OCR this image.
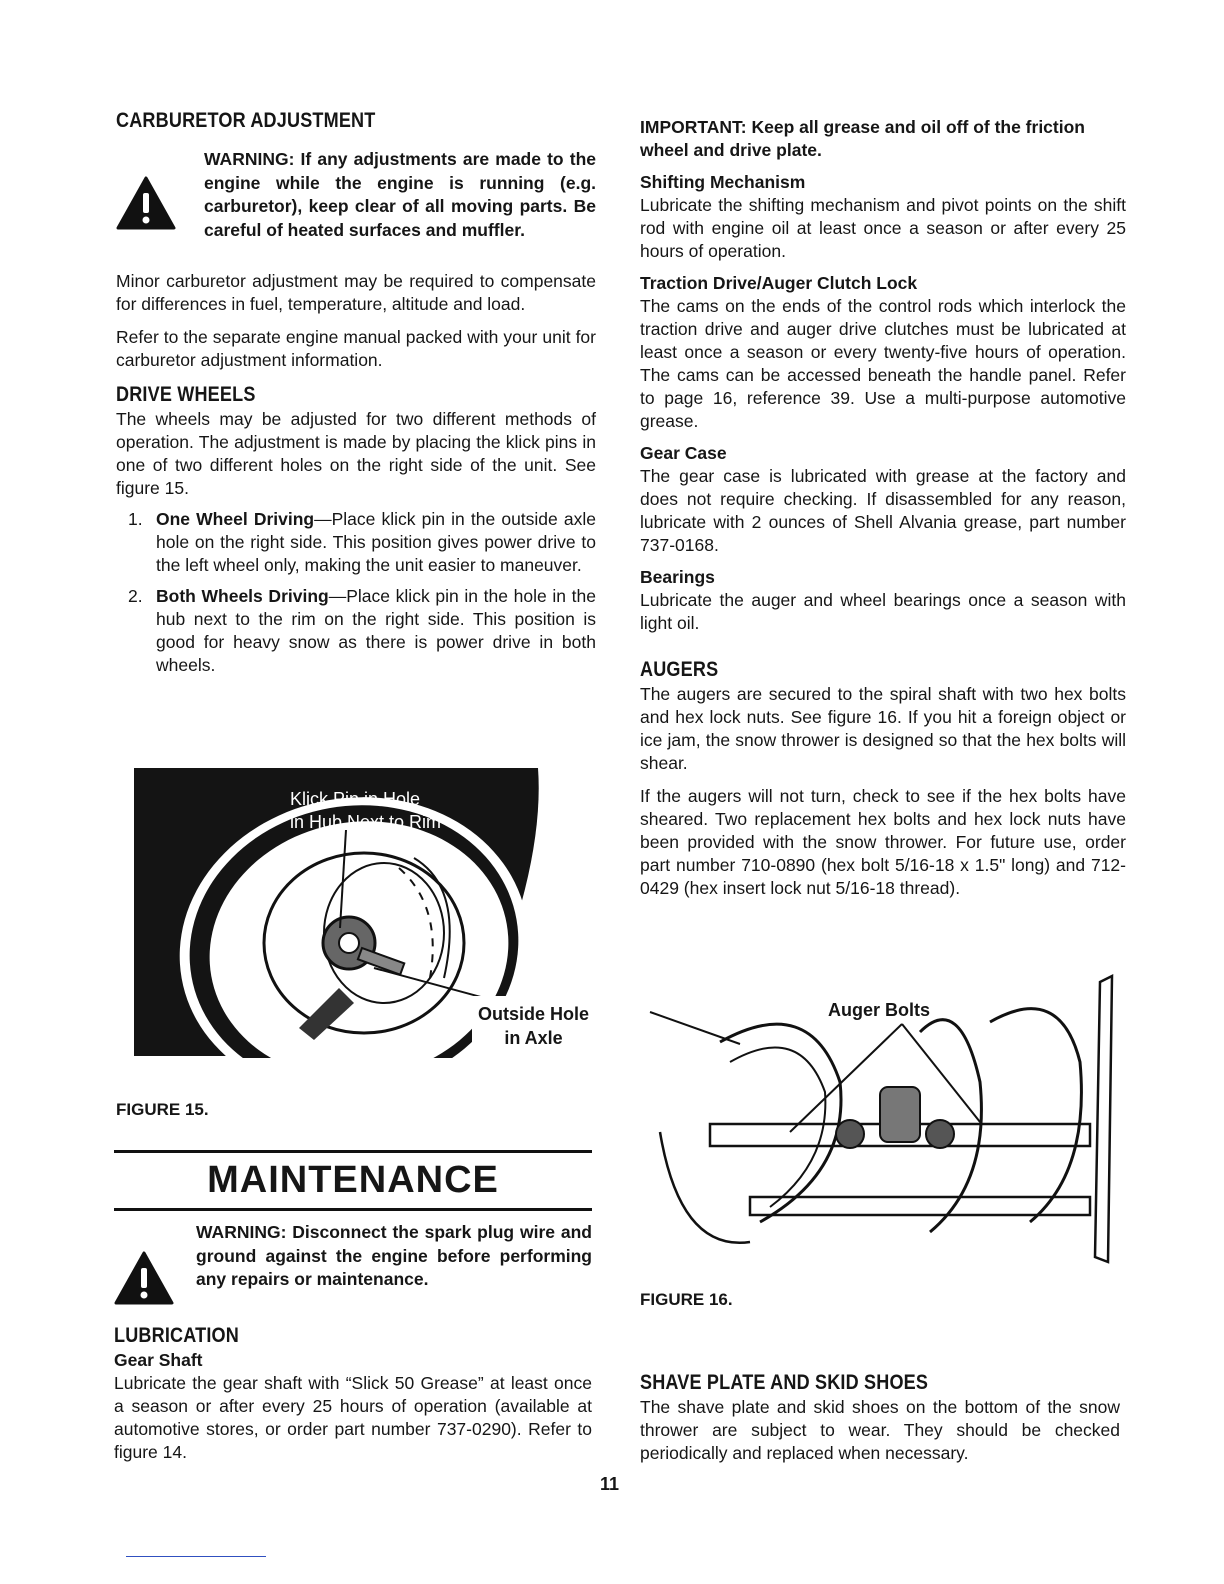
CARBURETOR ADJUSTMENT
WARNING: If any adjustments are made to the engine while the engine is running (e.g. carburetor), keep clear of all moving parts. Be careful of heated surfaces and muffler.

Minor carburetor adjustment may be required to compensate for differences in fuel, temperature, altitude and load.

Refer to the separate engine manual packed with your unit for carburetor adjustment information.

DRIVE WHEELS

The wheels may be adjusted for two different methods of operation. The adjustment is made by placing the klick pins in one of two different holes on the right side of the unit. See figure 15.

1. One Wheel Driving—Place klick pin in the outside axle hole on the right side. This position gives power drive to the left wheel only, making the unit easier to maneuver.
2. Both Wheels Driving—Place klick pin in the hole in the hub next to the rim on the right side. This position is good for heavy snow as there is power drive in both wheels.
Klick Pin in Hole
in Hub Next to Rim
Outside Hole
in Axle
FIGURE 15.
MAINTENANCE
WARNING: Disconnect the spark plug wire and ground against the engine before performing any repairs or maintenance.
LUBRICATION
Gear Shaft

Lubricate the gear shaft with “Slick 50 Grease” at least once a season or after every 25 hours of operation (available at automotive stores, or order part number 737-0290). Refer to figure 14.

IMPORTANT: Keep all grease and oil off of the friction wheel and drive plate.
Shifting Mechanism

Lubricate the shifting mechanism and pivot points on the shift rod with engine oil at least once a season or after every 25 hours of operation.

Traction Drive/Auger Clutch Lock

The cams on the ends of the control rods which interlock the traction drive and auger drive clutches must be lubricated at least once a season or every twenty-five hours of operation. The cams can be accessed beneath the handle panel. Refer to page 16, reference 39. Use a multi-purpose automotive grease.

Gear Case

The gear case is lubricated with grease at the factory and does not require checking. If disassembled for any reason, lubricate with 2 ounces of Shell Alvania grease, part number 737-0168.

Bearings

Lubricate the auger and wheel bearings once a season with light oil.

AUGERS

The augers are secured to the spiral shaft with two hex bolts and hex lock nuts. See figure 16. If you hit a foreign object or ice jam, the snow thrower is designed so that the hex bolts will shear.

If the augers will not turn, check to see if the hex bolts have sheared. Two replacement hex bolts and hex lock nuts have been provided with the snow thrower. For future use, order part number 710-0890 (hex bolt 5/16-18 x 1.5" long) and 712-0429 (hex insert lock nut 5/16-18 thread).

Auger Bolts
FIGURE 16.
SHAVE PLATE AND SKID SHOES

The shave plate and skid shoes on the bottom of the snow thrower are subject to wear. They should be checked periodically and replaced when necessary.

11
